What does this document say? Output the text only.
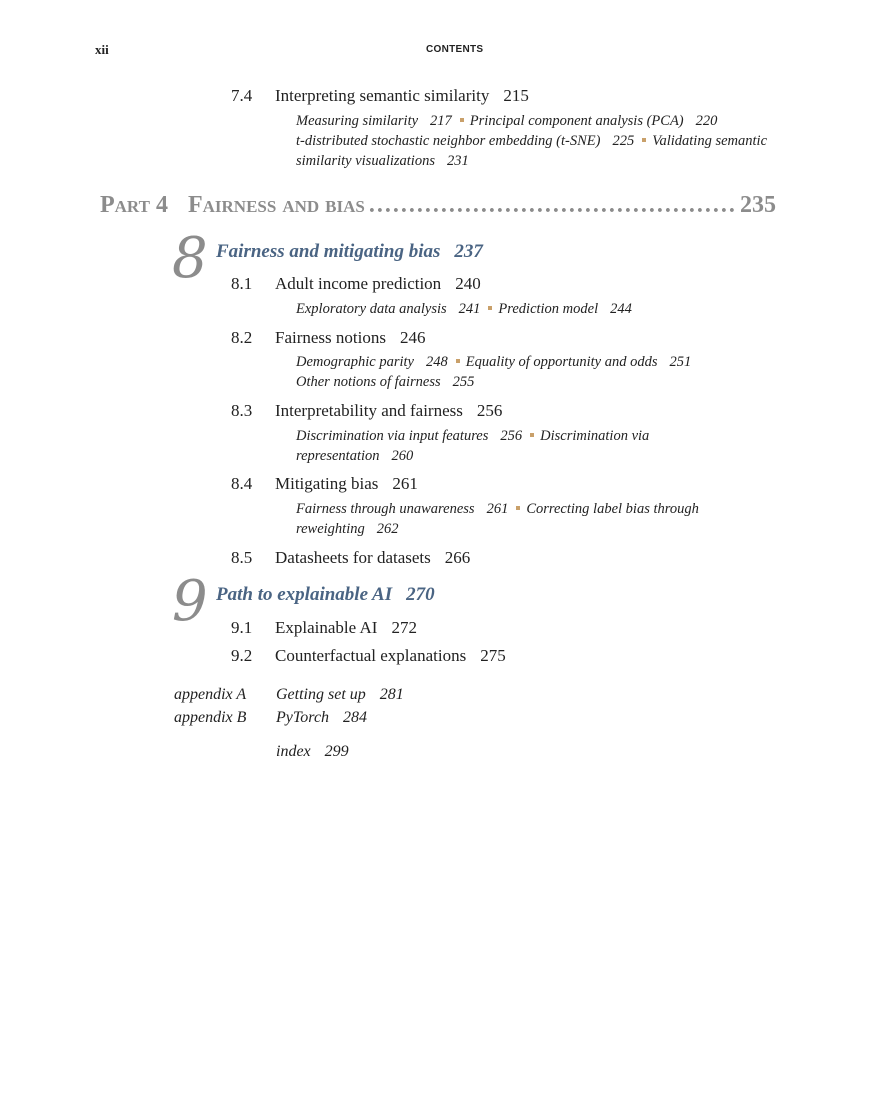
xii	CONTENTS
7.4 Interpreting semantic similarity 215
Measuring similarity 217 Principal component analysis (PCA) 220
t-distributed stochastic neighbor embedding (t-SNE) 225 Validating semantic similarity visualizations 231
Part 4 Fairness and bias
.....	235
8 Fairness and mitigating bias 237
8.1 Adult income prediction 240
Exploratory data analysis 241 Prediction model 244
8.2 Fairness notions 246
Demographic parity 248 Equality of opportunity and odds 251
Other notions of fairness 255
8.3 Interpretability and fairness 256
Discrimination via input features 256 Discrimination via representation 260
8.4 Mitigating bias 261
Fairness through unawareness 261 Correcting label bias through reweighting 262
8.5 Datasheets for datasets 266
9 Path to explainable AI 270
9.1 Explainable AI 272
9.2 Counterfactual explanations 275
appendix A Getting set up 281
appendix B PyTorch 284
index 299
